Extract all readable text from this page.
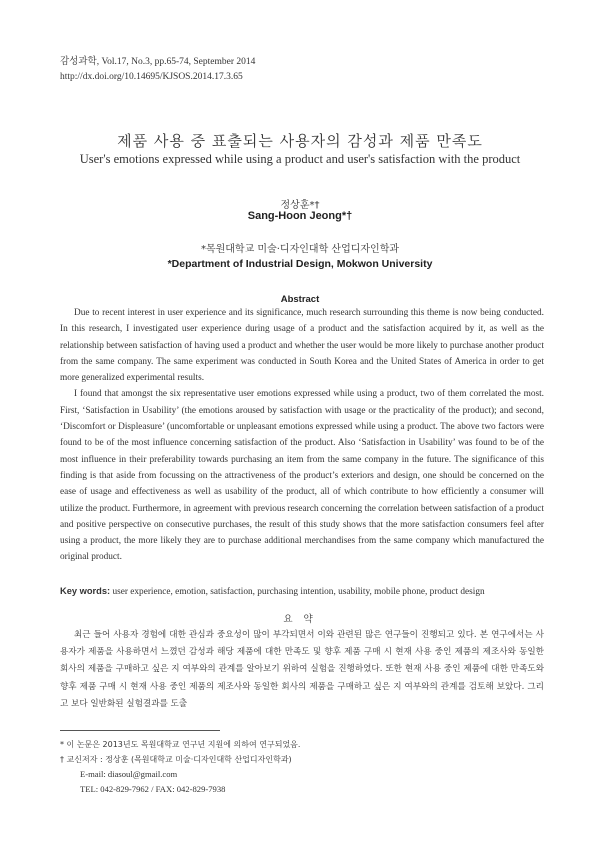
감성과학, Vol.17, No.3, pp.65-74, September 2014
http://dx.doi.org/10.14695/KJSOS.2014.17.3.65
제품 사용 중 표출되는 사용자의 감성과 제품 만족도
User's emotions expressed while using a product and user's satisfaction with the product
정상훈*†
Sang-Hoon Jeong*†
*목원대학교 미술·디자인대학 산업디자인학과
*Department of Industrial Design, Mokwon University
Abstract

Due to recent interest in user experience and its significance, much research surrounding this theme is now being conducted. In this research, I investigated user experience during usage of a product and the satisfaction acquired by it, as well as the relationship between satisfaction of having used a product and whether the user would be more likely to purchase another product from the same company. The same experiment was conducted in South Korea and the United States of America in order to get more generalized experimental results.

I found that amongst the six representative user emotions expressed while using a product, two of them correlated the most. First, ‘Satisfaction in Usability’ (the emotions aroused by satisfaction with usage or the practicality of the product); and second, ‘Discomfort or Displeasure’ (uncomfortable or unpleasant emotions expressed while using a product. The above two factors were found to be of the most influence concerning satisfaction of the product. Also ‘Satisfaction in Usability’ was found to be of the most influence in their preferability towards purchasing an item from the same company in the future. The significance of this finding is that aside from focussing on the attractiveness of the product’s exteriors and design, one should be concerned on the ease of usage and effectiveness as well as usability of the product, all of which contribute to how efficiently a consumer will utilize the product. Furthermore, in agreement with previous research concerning the correlation between satisfaction of a product and positive perspective on consecutive purchases, the result of this study shows that the more satisfaction consumers feel after using a product, the more likely they are to purchase additional merchandises from the same company which manufactured the original product.

Key words: user experience, emotion, satisfaction, purchasing intention, usability, mobile phone, product design
요 약

최근 들어 사용자 경험에 대한 관심과 중요성이 많이 부각되면서 이와 관련된 많은 연구들이 진행되고 있다. 본 연구에서는 사용자가 제품을 사용하면서 느꼈던 감성과 해당 제품에 대한 만족도 및 향후 제품 구매 시 현재 사용 중인 제품의 제조사와 동일한 회사의 제품을 구매하고 싶은 지 여부와의 관계를 알아보기 위하여 실험을 진행하였다. 또한 현재 사용 중인 제품에 대한 만족도와 향후 제품 구매 시 현재 사용 중인 제품의 제조사와 동일한 회사의 제품을 구매하고 싶은 지 여부와의 관계를 검토해 보았다. 그리고 보다 일반화된 실험결과를 도출

* 이 논문은 2013년도 목원대학교 연구년 지원에 의하여 연구되었음.
† 교신저자 : 정상훈 (목원대학교 미술·디자인대학 산업디자인학과)
E-mail: diasoul@gmail.com
TEL: 042-829-7962 / FAX: 042-829-7938
